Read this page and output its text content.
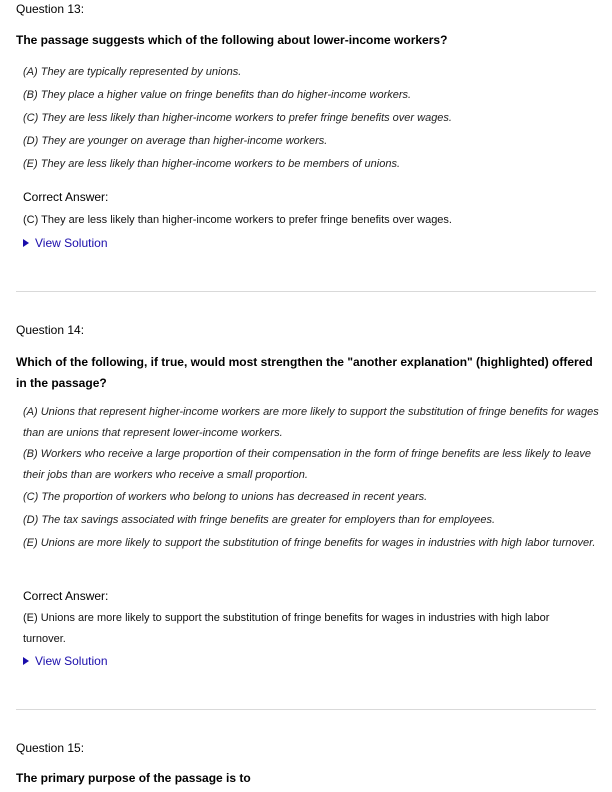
Question 13:
The passage suggests which of the following about lower-income workers?
(A) They are typically represented by unions.
(B) They place a higher value on fringe benefits than do higher-income workers.
(C) They are less likely than higher-income workers to prefer fringe benefits over wages.
(D) They are younger on average than higher-income workers.
(E) They are less likely than higher-income workers to be members of unions.
Correct Answer:
(C) They are less likely than higher-income workers to prefer fringe benefits over wages.
View Solution
Question 14:
Which of the following, if true, would most strengthen the "another explanation" (highlighted) offered in the passage?
(A) Unions that represent higher-income workers are more likely to support the substitution of fringe benefits for wages than are unions that represent lower-income workers.
(B) Workers who receive a large proportion of their compensation in the form of fringe benefits are less likely to leave their jobs than are workers who receive a small proportion.
(C) The proportion of workers who belong to unions has decreased in recent years.
(D) The tax savings associated with fringe benefits are greater for employers than for employees.
(E) Unions are more likely to support the substitution of fringe benefits for wages in industries with high labor turnover.
Correct Answer:
(E) Unions are more likely to support the substitution of fringe benefits for wages in industries with high labor turnover.
View Solution
Question 15:
The primary purpose of the passage is to
